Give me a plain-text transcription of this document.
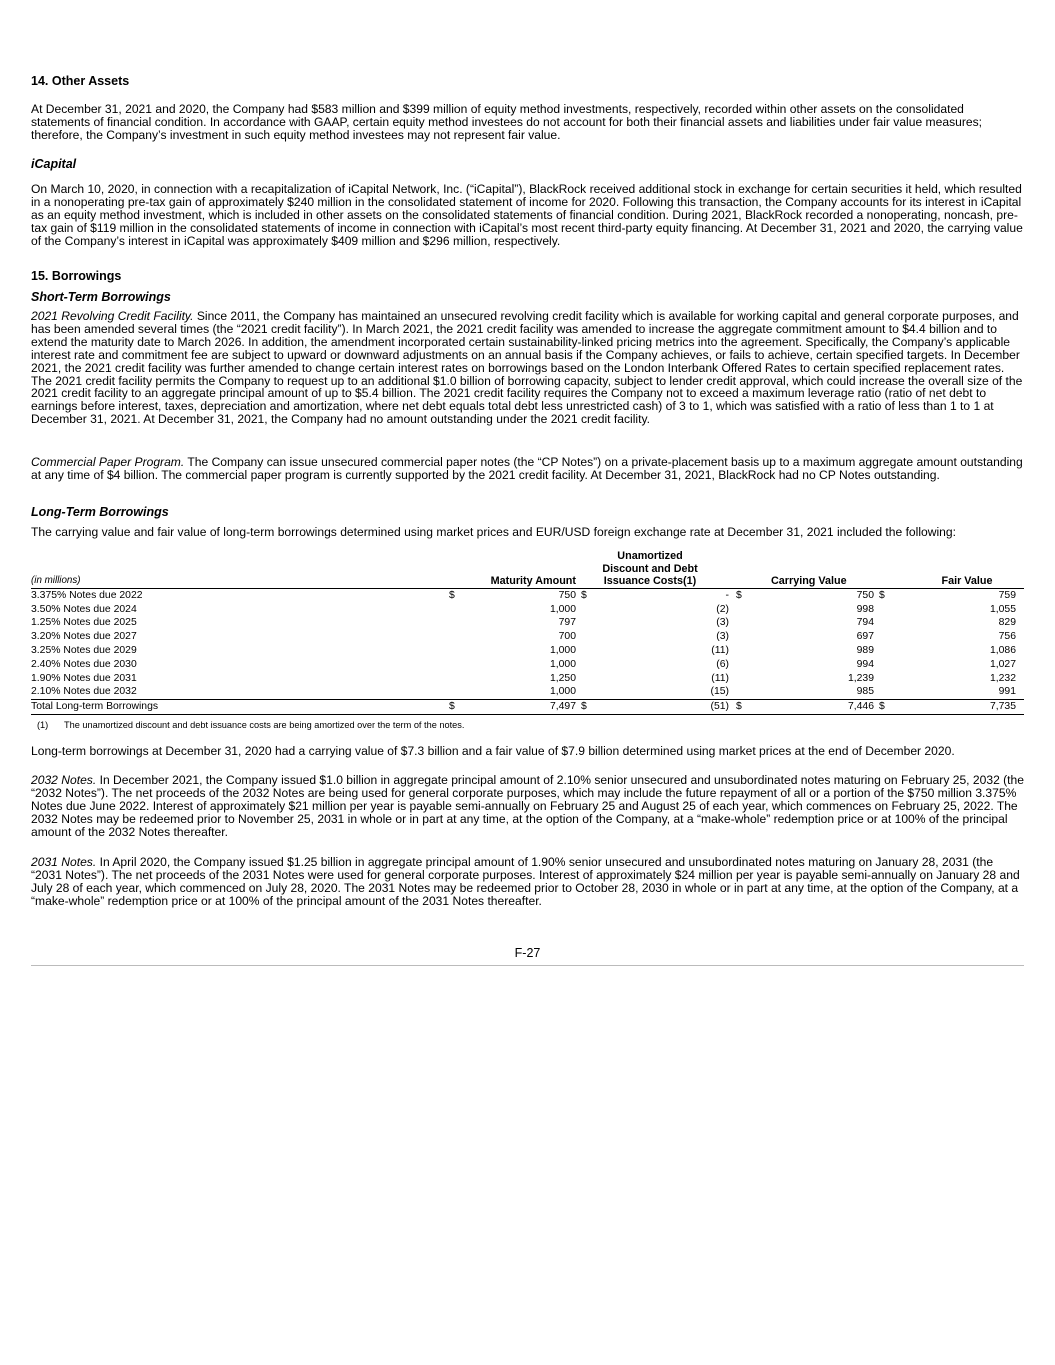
14. Other Assets

At December 31, 2021 and 2020, the Company had $583 million and $399 million of equity method investments, respectively, recorded within other assets on the consolidated statements of financial condition. In accordance with GAAP, certain equity method investees do not account for both their financial assets and liabilities under fair value measures; therefore, the Company’s investment in such equity method investees may not represent fair value.

iCapital

On March 10, 2020, in connection with a recapitalization of iCapital Network, Inc. (“iCapital”), BlackRock received additional stock in exchange for certain securities it held, which resulted in a nonoperating pre-tax gain of approximately $240 million in the consolidated statement of income for 2020. Following this transaction, the Company accounts for its interest in iCapital as an equity method investment, which is included in other assets on the consolidated statements of financial condition. During 2021, BlackRock recorded a nonoperating, noncash, pre-tax gain of $119 million in the consolidated statements of income in connection with iCapital’s most recent third-party equity financing. At December 31, 2021 and 2020, the carrying value of the Company’s interest in iCapital was approximately $409 million and $296 million, respectively.

15. Borrowings
Short-Term Borrowings

2021 Revolving Credit Facility. Since 2011, the Company has maintained an unsecured revolving credit facility which is available for working capital and general corporate purposes, and has been amended several times (the “2021 credit facility”). In March 2021, the 2021 credit facility was amended to increase the aggregate commitment amount to $4.4 billion and to extend the maturity date to March 2026. In addition, the amendment incorporated certain sustainability-linked pricing metrics into the agreement. Specifically, the Company’s applicable interest rate and commitment fee are subject to upward or downward adjustments on an annual basis if the Company achieves, or fails to achieve, certain specified targets. In December 2021, the 2021 credit facility was further amended to change certain interest rates on borrowings based on the London Interbank Offered Rates to certain specified replacement rates. The 2021 credit facility permits the Company to request up to an additional $1.0 billion of borrowing capacity, subject to lender credit approval, which could increase the overall size of the 2021 credit facility to an aggregate principal amount of up to $5.4 billion. The 2021 credit facility requires the Company not to exceed a maximum leverage ratio (ratio of net debt to earnings before interest, taxes, depreciation and amortization, where net debt equals total debt less unrestricted cash) of 3 to 1, which was satisfied with a ratio of less than 1 to 1 at December 31, 2021. At December 31, 2021, the Company had no amount outstanding under the 2021 credit facility.

Commercial Paper Program. The Company can issue unsecured commercial paper notes (the “CP Notes”) on a private-placement basis up to a maximum aggregate amount outstanding at any time of $4 billion. The commercial paper program is currently supported by the 2021 credit facility. At December 31, 2021, BlackRock had no CP Notes outstanding.

Long-Term Borrowings

The carrying value and fair value of long-term borrowings determined using market prices and EUR/USD foreign exchange rate at December 31, 2021 included the following:

(in millions)		Maturity Amount		Unamortized Discount and Debt Issuance Costs(1)		Carrying Value		Fair Value
3.375% Notes due 2022	$	750	$	-	$	750	$	759
3.50% Notes due 2024		1,000		(2)		998		1,055
1.25% Notes due 2025		797		(3)		794		829
3.20% Notes due 2027		700		(3)		697		756
3.25% Notes due 2029		1,000		(11)		989		1,086
2.40% Notes due 2030		1,000		(6)		994		1,027
1.90% Notes due 2031		1,250		(11)		1,239		1,232
2.10% Notes due 2032		1,000		(15)		985		991
Total Long-term Borrowings	$	7,497	$	(51)	$	7,446	$	7,735
(1) The unamortized discount and debt issuance costs are being amortized over the term of the notes.

Long-term borrowings at December 31, 2020 had a carrying value of $7.3 billion and a fair value of $7.9 billion determined using market prices at the end of December 2020.

2032 Notes. In December 2021, the Company issued $1.0 billion in aggregate principal amount of 2.10% senior unsecured and unsubordinated notes maturing on February 25, 2032 (the “2032 Notes”). The net proceeds of the 2032 Notes are being used for general corporate purposes, which may include the future repayment of all or a portion of the $750 million 3.375% Notes due June 2022. Interest of approximately $21 million per year is payable semi-annually on February 25 and August 25 of each year, which commences on February 25, 2022. The 2032 Notes may be redeemed prior to November 25, 2031 in whole or in part at any time, at the option of the Company, at a “make-whole” redemption price or at 100% of the principal amount of the 2032 Notes thereafter.

2031 Notes. In April 2020, the Company issued $1.25 billion in aggregate principal amount of 1.90% senior unsecured and unsubordinated notes maturing on January 28, 2031 (the “2031 Notes”). The net proceeds of the 2031 Notes were used for general corporate purposes. Interest of approximately $24 million per year is payable semi-annually on January 28 and July 28 of each year, which commenced on July 28, 2020. The 2031 Notes may be redeemed prior to October 28, 2030 in whole or in part at any time, at the option of the Company, at a “make-whole” redemption price or at 100% of the principal amount of the 2031 Notes thereafter.

F-27
